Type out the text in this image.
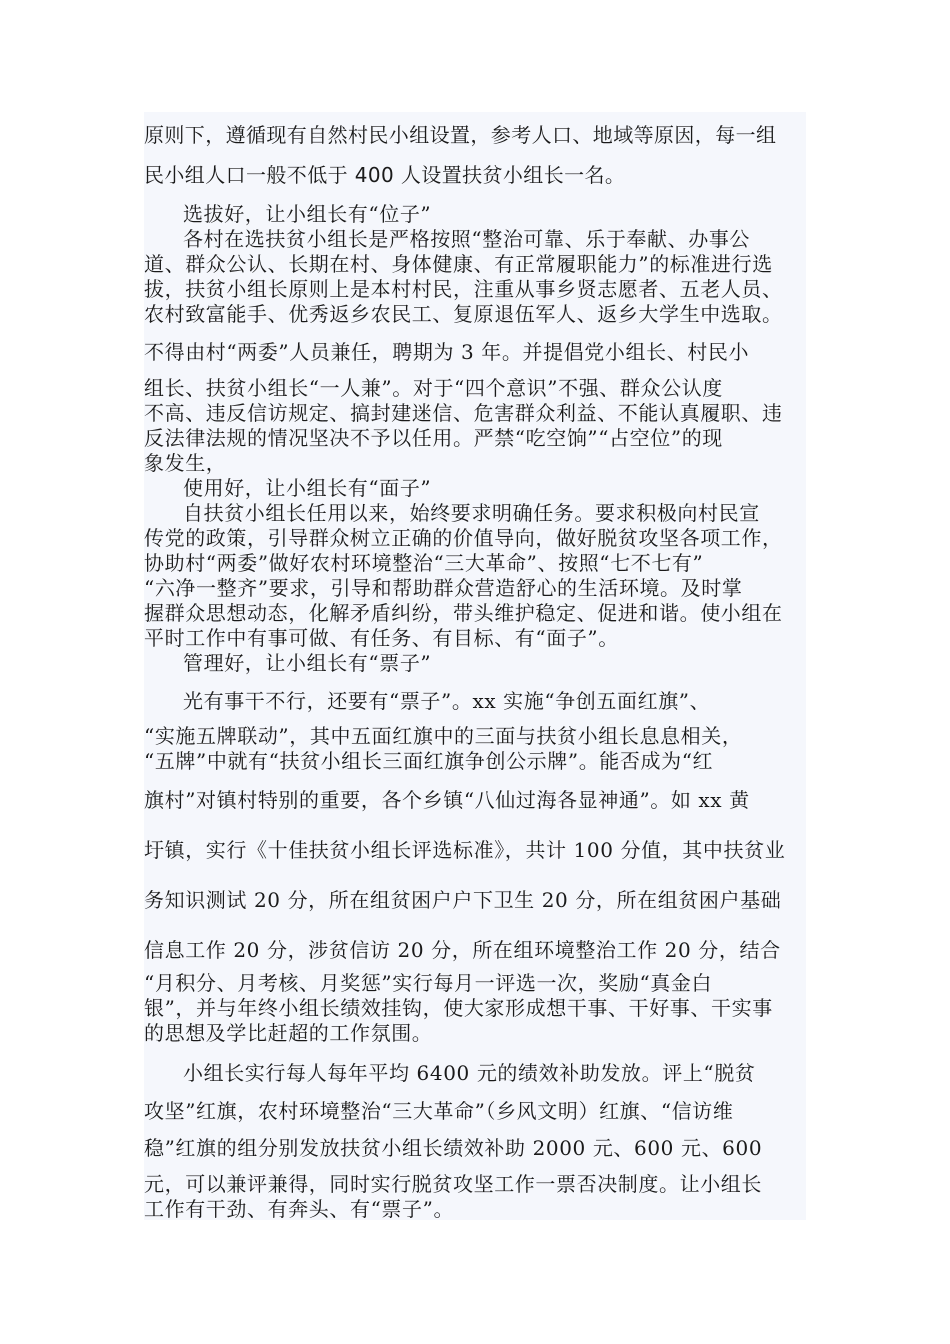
原则下，遵循现有自然村民小组设置，参考人口、地域等原因，每一组
民小组人口一般不低于 400 人设置扶贫小组长一名。
选拔好，让小组长有“位子”
各村在选扶贫小组长是严格按照“整治可靠、乐于奉献、办事公
道、群众公认、长期在村、身体健康、有正常履职能力”的标准进行选
拔，扶贫小组长原则上是本村村民，注重从事乡贤志愿者、五老人员、
农村致富能手、优秀返乡农民工、复原退伍军人、返乡大学生中选取。
不得由村“两委”人员兼任，聘期为 3 年。并提倡党小组长、村民小
组长、扶贫小组长“一人兼”。对于“四个意识”不强、群众公认度
不高、违反信访规定、搞封建迷信、危害群众利益、不能认真履职、违
反法律法规的情况坚决不予以任用。严禁“吃空饷”“占空位”的现
象发生，
使用好，让小组长有“面子”
自扶贫小组长任用以来，始终要求明确任务。要求积极向村民宣
传党的政策，引导群众树立正确的价值导向，做好脱贫攻坚各项工作，
协助村“两委”做好农村环境整治“三大革命”、按照“七不七有”
“六净一整齐”要求，引导和帮助群众营造舒心的生活环境。及时掌
握群众思想动态，化解矛盾纠纷，带头维护稳定、促进和谐。使小组在
平时工作中有事可做、有任务、有目标、有“面子”。
管理好，让小组长有“票子”
光有事干不行，还要有“票子”。xx 实施“争创五面红旗”、
“实施五牌联动”，其中五面红旗中的三面与扶贫小组长息息相关，
“五牌”中就有“扶贫小组长三面红旗争创公示牌”。能否成为“红
旗村”对镇村特别的重要，各个乡镇“八仙过海各显神通”。如 xx 黄
圩镇，实行《十佳扶贫小组长评选标准》，共计 100 分值，其中扶贫业
务知识测试 20 分，所在组贫困户户下卫生 20 分，所在组贫困户基础
信息工作 20 分，涉贫信访 20 分，所在组环境整治工作 20 分，结合
“月积分、月考核、月奖惩”实行每月一评选一次，奖励“真金白
银”，并与年终小组长绩效挂钩，使大家形成想干事、干好事、干实事
的思想及学比赶超的工作氛围。
小组长实行每人每年平均 6400 元的绩效补助发放。评上“脱贫
攻坚”红旗，农村环境整治“三大革命”（乡风文明）红旗、“信访维
稳”红旗的组分别发放扶贫小组长绩效补助 2000 元、600 元、600
元，可以兼评兼得，同时实行脱贫攻坚工作一票否决制度。让小组长
工作有干劲、有奔头、有“票子”。
